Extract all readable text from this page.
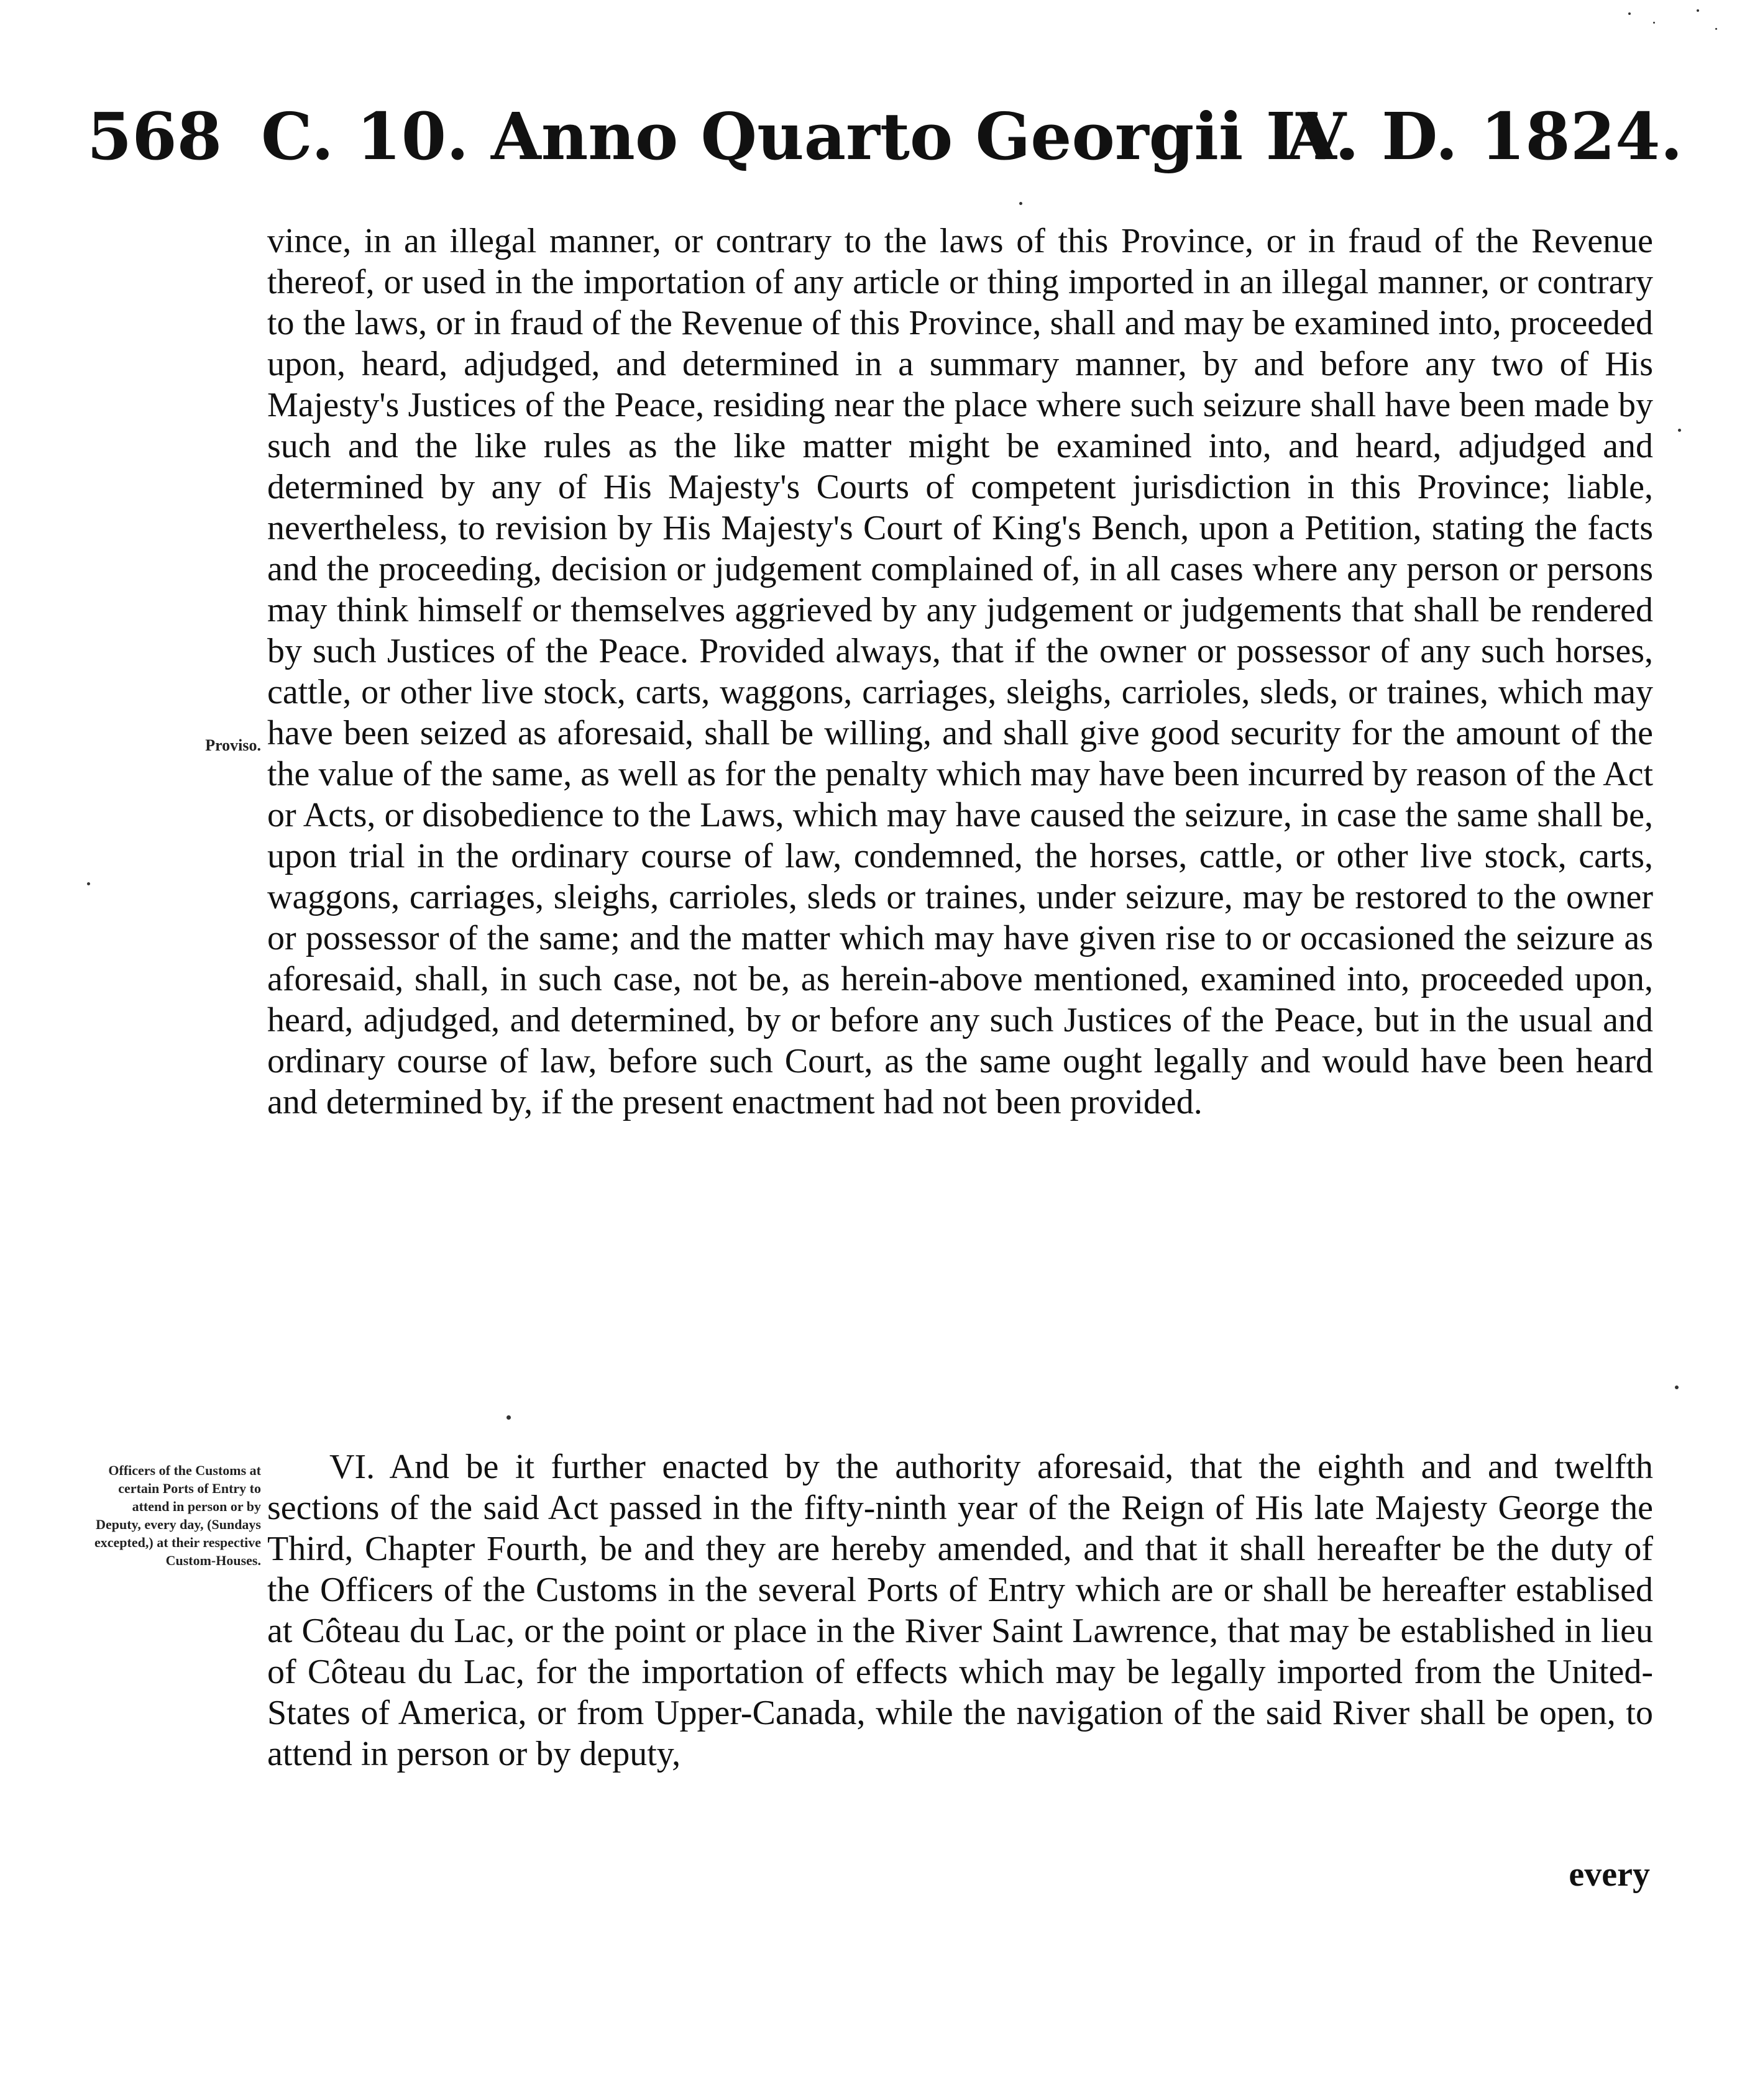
568 C. 10. Anno Quarto Georgii IV.
A. D. 1824.
Proviso.

vince, in an illegal manner, or contrary to the laws of this Province, or in fraud of the Revenue thereof, or used in the importation of any article or thing imported in an illegal manner, or contrary to the laws, or in fraud of the Revenue of this Province, shall and may be examined into, proceeded upon, heard, adjudged, and determined in a summary manner, by and before any two of His Majesty's Justices of the Peace, residing near the place where such seizure shall have been made by such and the like rules as the like matter might be examined into, and heard, adjudged and determined by any of His Majesty's Courts of competent jurisdiction in this Province; liable, nevertheless, to revision by His Majesty's Court of King's Bench, upon a Petition, stating the facts and the proceeding, decision or judgement complained of, in all cases where any person or persons may think himself or themselves aggrieved by any judgement or judgements that shall be rendered by such Justices of the Peace. Provided always, that if the owner or possessor of any such horses, cattle, or other live stock, carts, waggons, carriages, sleighs, carrioles, sleds, or traines, which may have been seized as aforesaid, shall be willing, and shall give good security for the amount of the the value of the same, as well as for the penalty which may have been incurred by reason of the Act or Acts, or disobedience to the Laws, which may have caused the seizure, in case the same shall be, upon trial in the ordinary course of law, condemned, the horses, cattle, or other live stock, carts, waggons, carriages, sleighs, carrioles, sleds or traines, under seizure, may be restored to the owner or possessor of the same; and the matter which may have given rise to or occasioned the seizure as aforesaid, shall, in such case, not be, as herein-above mentioned, examined into, proceeded upon, heard, adjudged, and determined, by or before any such Justices of the Peace, but in the usual and ordinary course of law, before such Court, as the same ought legally and would have been heard and determined by, if the present enactment had not been provided.

Officers of the Customs at certain Ports of Entry to attend in person or by Deputy, every day, (Sundays excepted,) at their respective Custom-Houses.

VI. And be it further enacted by the authority aforesaid, that the eighth and and twelfth sections of the said Act passed in the fifty-ninth year of the Reign of His late Majesty George the Third, Chapter Fourth, be and they are hereby amended, and that it shall hereafter be the duty of the Officers of the Customs in the several Ports of Entry which are or shall be hereafter establised at Côteau du Lac, or the point or place in the River Saint Lawrence, that may be established in lieu of Côteau du Lac, for the importation of effects which may be legally imported from the United-States of America, or from Upper-Canada, while the navigation of the said River shall be open, to attend in person or by deputy,

every
